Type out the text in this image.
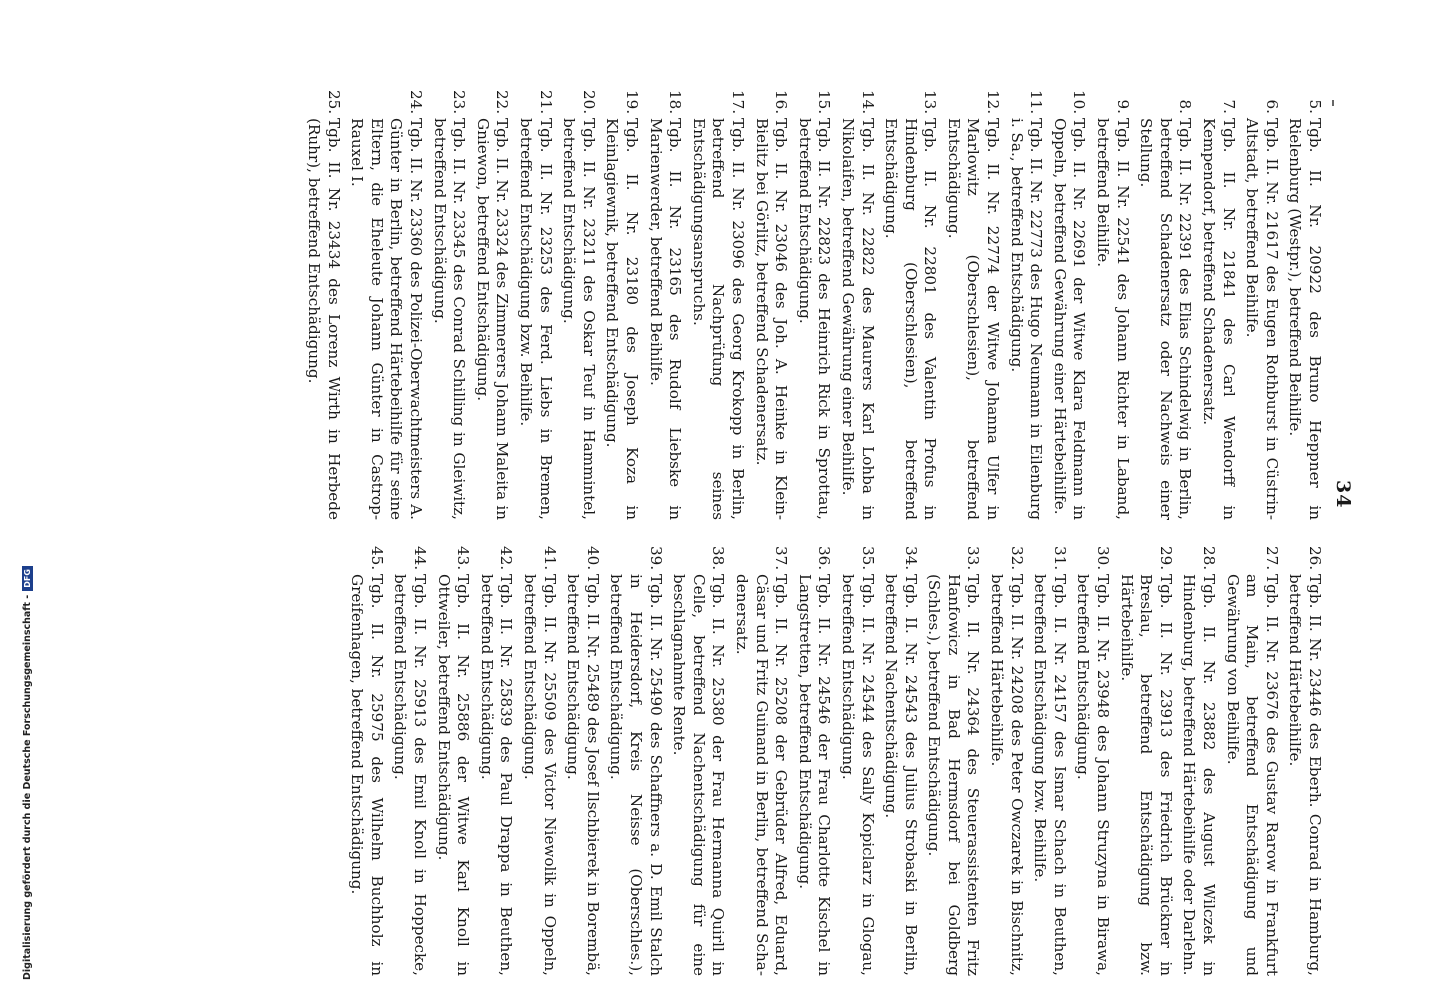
34
5.
Tgb. II. Nr. 20922 des Bruno Heppner in Rielenburg (Westpr.), betreffend Beihilfe.
6.
Tgb. II. Nr. 21617 des Eugen Rothburst in Cüstrin-Altstadt, betreffend Beihilfe.
7.
Tgb. II. Nr. 21841 des Carl Wendorff in Kempendorf, betreffend Schadenersatz.
8.
Tgb. II. Nr. 22391 des Elias Schindelwig in Berlin, betreffend Schadenersatz oder Nachweis einer Stellung.
9.
Tgb. II. Nr. 22541 des Johann Richter in Laband, betreffend Beihilfe.
10.
Tgb. II. Nr. 22691 der Witwe Klara Feldmann in Oppeln, betreffend Gewährung einer Härtebeihilfe.
11.
Tgb. II. Nr. 22773 des Hugo Neumann in Eilenburg i. Sa., betreffend Entschädigung.
12.
Tgb. II. Nr. 22774 der Witwe Johanna Ulfer in Marlowitz (Oberschlesien), betreffend Entschädigung.
13.
Tgb. II. Nr. 22801 des Valentin Profus in Hindenburg (Oberschlesien), betreffend Entschädigung.
14.
Tgb. II. Nr. 22822 des Maurers Karl Lohba in Nikolaifen, betreffend Gewährung einer Beihilfe.
15.
Tgb. II. Nr. 22823 des Heinrich Rick in Sprottau, betreffend Entschädigung.
16.
Tgb. II. Nr. 23046 des Joh. A. Heinke in Klein-Bielitz bei Görlitz, betreffend Schadenersatz.
17.
Tgb. II. Nr. 23096 des Georg Krokopp in Berlin, betreffend Nachprüfung seines Entschädigungsanspruchs.
18.
Tgb. II. Nr. 23165 des Rudolf Liebske in Marienwerder, betreffend Beihilfe.
19.
Tgb. II. Nr. 23180 des Joseph Koza in Kleinlagiewnik, betreffend Entschädigung.
20.
Tgb. II. Nr. 23211 des Oskar Teuf in Hammintel, betreffend Entschädigung.
21.
Tgb. II. Nr. 23253 des Ferd. Liebs in Bremen, betreffend Entschädigung bzw. Beihilfe.
22.
Tgb. II. Nr. 23324 des Zimmerers Johann Maleita in Gniewon, betreffend Entschädigung.
23.
Tgb. II. Nr. 23345 des Conrad Schilling in Gleiwitz, betreffend Entschädigung.
24.
Tgb. II. Nr. 23360 des Polizei-Oberwachtmeisters A. Günter in Berlin, betreffend Härtebeihilfe für seine Eltern, die Eheleute Johann Günter in Castrop-Rauxel I.
25.
Tgb. II. Nr. 23434 des Lorenz Wirth in Herbede (Ruhr), betreffend Entschädigung.
26.
Tgb. II. Nr. 23446 des Eberh. Conrad in Hamburg, betreffend Härtebeihilfe.
27.
Tgb. II. Nr. 23676 des Gustav Rarow in Frankfurt am Main, betreffend Entschädigung und Gewährung von Beihilfe.
28.
Tgb. II. Nr. 23882 des August Wilczek in Hindenburg, betreffend Härtebeihilfe oder Darlehn.
29.
Tgb. II. Nr. 23913 des Friedrich Brückner in Breslau, betreffend Entschädigung bzw. Härtebeihilfe.
30.
Tgb. II. Nr. 23948 des Johann Struzyna in Birawa, betreffend Entschädigung.
31.
Tgb. II. Nr. 24157 des Ismar Schach in Beuthen, betreffend Entschädigung bzw. Beihilfe.
32.
Tgb. II. Nr. 24208 des Peter Owczarek in Bischnitz, betreffend Härtebeihilfe.
33.
Tgb. II. Nr. 24364 des Steuerassistenten Fritz Hanfowicz in Bad Hermsdorf bei Goldberg (Schles.), betreffend Entschädigung.
34.
Tgb. II. Nr. 24543 des Julius Strobaski in Berlin, betreffend Nachentschädigung.
35.
Tgb. II. Nr. 24544 des Sally Kopiclarz in Glogau, betreffend Entschädigung.
36.
Tgb. II. Nr. 24546 der Frau Charlotte Kischel in Langstretten, betreffend Entschädigung.
37.
Tgb. II. Nr. 25208 der Gebrüder Alfred, Eduard, Cäsar und Fritz Guinand in Berlin, betreffend Schadenersatz.
38.
Tgb. II. Nr. 25380 der Frau Hermanna Quirll in Celle, betreffend Nachentschädigung für eine beschlagnahmte Rente.
39.
Tgb. II. Nr. 25490 des Schaffners a. D. Emil Stalch in Heidersdorf, Kreis Neisse (Oberschles.), betreffend Entschädigung.
40.
Tgb. II. Nr. 25489 des Josef Ilschbierek in Borembä, betreffend Entschädigung.
41.
Tgb. II. Nr. 25509 des Victor Niewolik in Oppeln, betreffend Entschädigung.
42.
Tgb. II. Nr. 25839 des Paul Drappa in Beuthen, betreffend Entschädigung.
43.
Tgb. II. Nr. 25886 der Witwe Karl Knoll in Ottweiler, betreffend Entschädigung.
44.
Tgb. II. Nr. 25913 des Emil Knoll in Hoppecke, betreffend Entschädigung.
45.
Tgb. II. Nr. 25975 des Wilhelm Buchholz in Greifenhagen, betreffend Entschädigung.
Digitalisierung gefördert durch die Deutsche Forschungsgemeinschaft -DFG
